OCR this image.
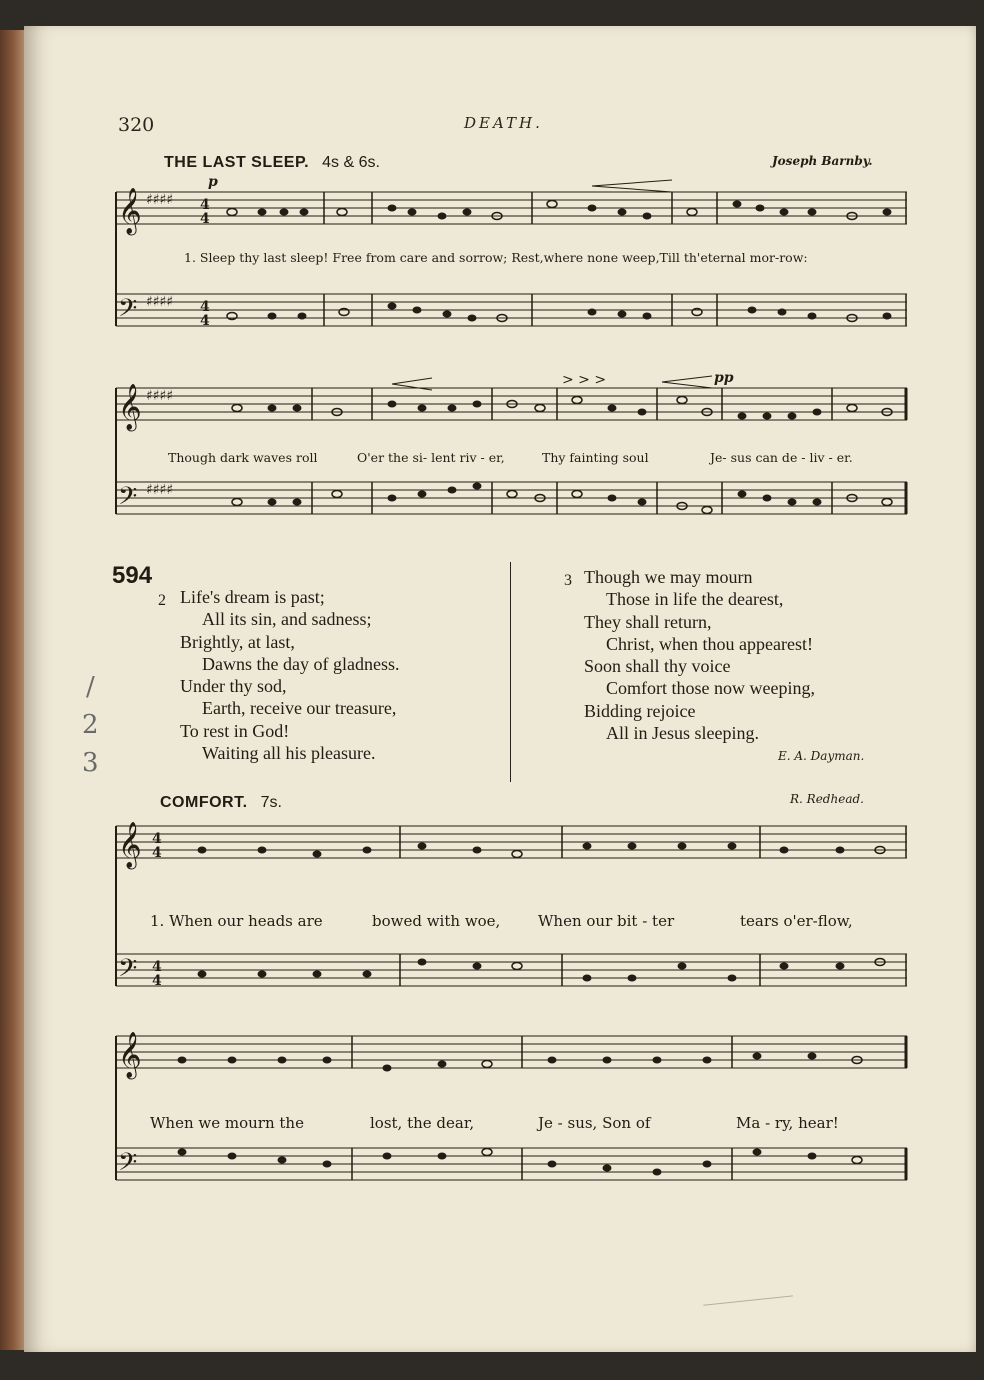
320	DEATH.
THE LAST SLEEP. 4s & 6s.	Joseph Barnby.
𝄞
𝄢
♯♯♯♯
♯♯♯♯
4
4
4
4
p
1. Sleep thy last sleep! Free from care and sorrow; Rest,where none weep,Till th'eternal mor-row:
𝄞
𝄢
♯♯♯♯
♯♯♯♯
> > >	pp
Though dark waves roll	O'er the si- lent riv - er,	Thy fainting soul	Je- sus can de - liv - er.
594
2 Life's dream is past;
All its sin, and sadness;
Brightly, at last,
Dawns the day of gladness.
Under thy sod,
Earth, receive our treasure,
To rest in God!
Waiting all his pleasure.
3 Though we may mourn
Those in life the dearest,
They shall return,
Christ, when thou appearest!
Soon shall thy voice
Comfort those now weeping,
Bidding rejoice
All in Jesus sleeping.
E. A. Dayman.
/
2
3
COMFORT. 7s.	R. Redhead.
𝄞
𝄢
4
4
4
4
1. When our heads are	bowed with woe,	When our bit - ter	tears o'er-flow,
𝄞
𝄢
When we mourn the	lost, the dear,	Je - sus, Son of	Ma - ry, hear!
